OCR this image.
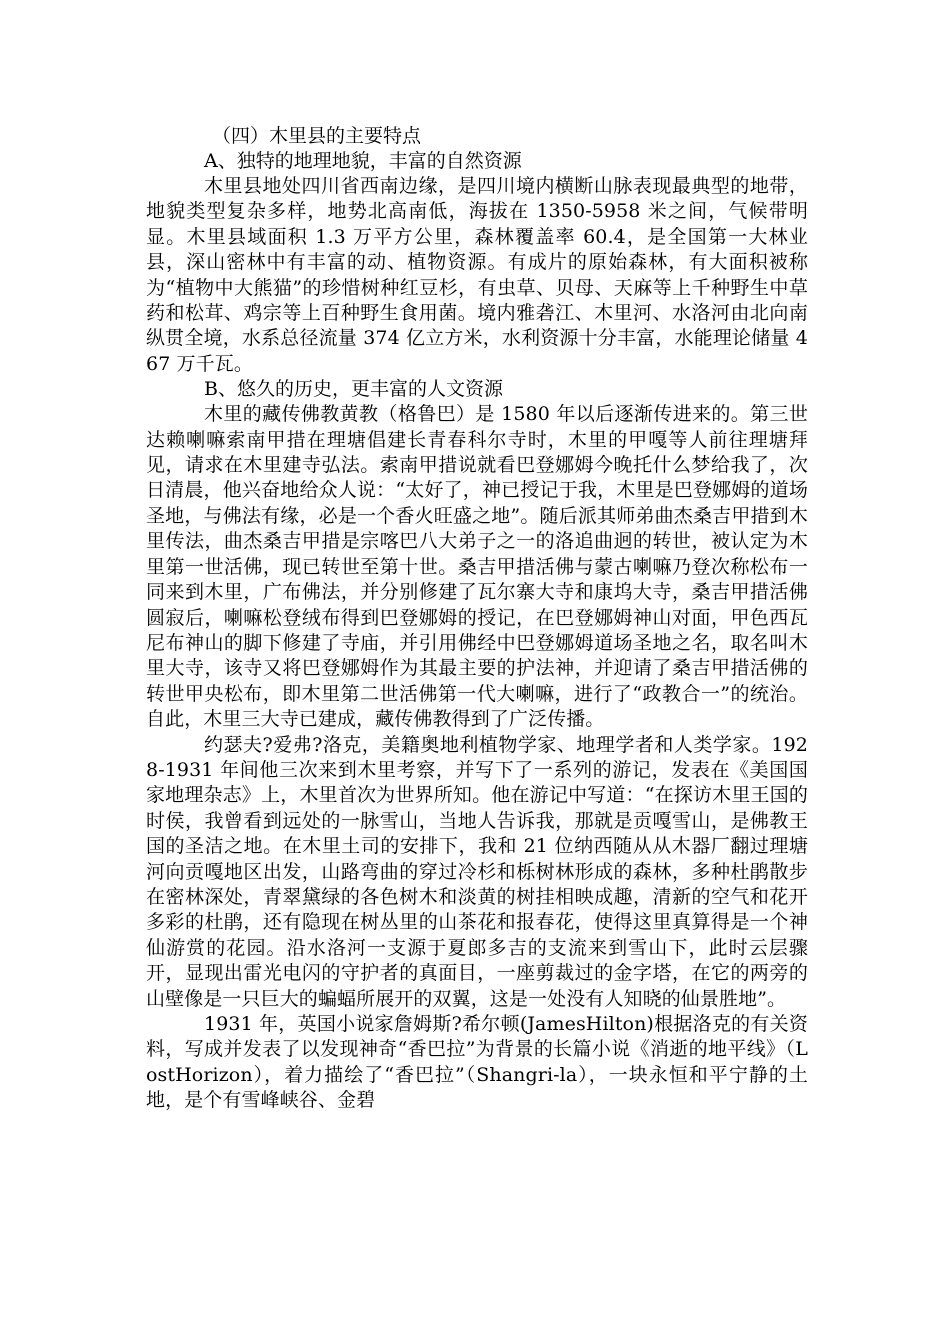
（四）木里县的主要特点

A、独特的地理地貌，丰富的自然资源

木里县地处四川省西南边缘，是四川境内横断山脉表现最典型的地带，地貌类型复杂多样，地势北高南低，海拔在 1350-5958 米之间，气候带明显。木里县域面积 1.3 万平方公里，森林覆盖率 60.4，是全国第一大林业县，深山密林中有丰富的动、植物资源。有成片的原始森林，有大面积被称为“植物中大熊猫”的珍惜树种红豆杉，有虫草、贝母、天麻等上千种野生中草药和松茸、鸡宗等上百种野生食用菌。境内雅砻江、木里河、水洛河由北向南纵贯全境，水系总径流量 374 亿立方米，水利资源十分丰富，水能理论储量 467 万千瓦。

B、悠久的历史，更丰富的人文资源

木里的藏传佛教黄教（格鲁巴）是 1580 年以后逐渐传进来的。第三世达赖喇嘛索南甲措在理塘倡建长青春科尔寺时，木里的甲嘎等人前往理塘拜见，请求在木里建寺弘法。索南甲措说就看巴登娜姆今晚托什么梦给我了，次日清晨，他兴奋地给众人说：“太好了，神已授记于我，木里是巴登娜姆的道场圣地，与佛法有缘，必是一个香火旺盛之地”。随后派其师弟曲杰桑吉甲措到木里传法，曲杰桑吉甲措是宗喀巴八大弟子之一的洛追曲迥的转世，被认定为木里第一世活佛，现已转世至第十世。桑吉甲措活佛与蒙古喇嘛乃登次称松布一同来到木里，广布佛法，并分别修建了瓦尔寨大寺和康坞大寺，桑吉甲措活佛圆寂后，喇嘛松登绒布得到巴登娜姆的授记，在巴登娜姆神山对面，甲色西瓦尼布神山的脚下修建了寺庙，并引用佛经中巴登娜姆道场圣地之名，取名叫木里大寺，该寺又将巴登娜姆作为其最主要的护法神，并迎请了桑吉甲措活佛的转世甲央松布，即木里第二世活佛第一代大喇嘛，进行了“政教合一”的统治。自此，木里三大寺已建成，藏传佛教得到了广泛传播。

约瑟夫?爱弗?洛克，美籍奥地利植物学家、地理学者和人类学家。1928-1931 年间他三次来到木里考察，并写下了一系列的游记，发表在《美国国家地理杂志》上，木里首次为世界所知。他在游记中写道：“在探访木里王国的时侯，我曾看到远处的一脉雪山，当地人告诉我，那就是贡嘎雪山，是佛教王国的圣洁之地。在木里土司的安排下，我和 21 位纳西随从从木器厂翻过理塘河向贡嘎地区出发，山路弯曲的穿过冷杉和栎树林形成的森林，多种杜鹃散步在密林深处，青翠黛绿的各色树木和淡黄的树挂相映成趣，清新的空气和花开多彩的杜鹃，还有隐现在树丛里的山茶花和报春花，使得这里真算得是一个神仙游赏的花园。沿水洛河一支源于夏郎多吉的支流来到雪山下，此时云层骤开，显现出雷光电闪的守护者的真面目，一座剪裁过的金字塔，在它的两旁的山壁像是一只巨大的蝙蝠所展开的双翼，这是一处没有人知晓的仙景胜地”。

1931 年，英国小说家詹姆斯?希尔顿(JamesHilton)根据洛克的有关资料，写成并发表了以发现神奇“香巴拉”为背景的长篇小说《消逝的地平线》（LostHorizon），着力描绘了“香巴拉”（Shangri-la），一块永恒和平宁静的土地，是个有雪峰峡谷、金碧
